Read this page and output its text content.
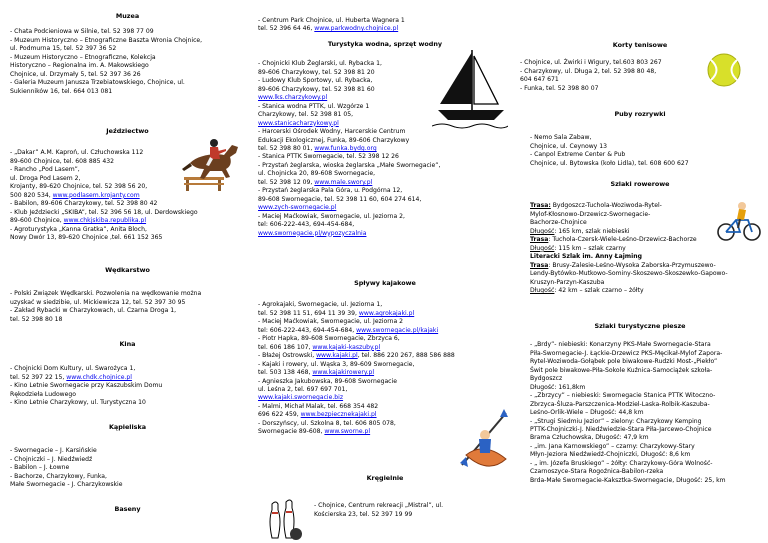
Muzea
- Chata Podcieniowa w Silnie, tel. 52 398 77 09
- Muzeum Historyczno – Etnograficzne Baszta Wronia Chojnice,
ul. Podmurna 15, tel. 52 397 36 52
- Muzeum Historyczno – Etnograficzne, Kolekcja
Historyczno – Regionalna im. A. Makowskiego
Chojnice, ul. Drzymały 5, tel. 52 397 36 26
- Galeria Muzeum Janusza Trzebiatowskiego, Chojnice, ul.
Sukienników 16, tel. 664 013 081
Jeździectwo
- „Dakar” A.M. Kaproń, ul. Człuchowska 112
89-600 Chojnice, tel. 608 885 432
- Rancho „Pod Lasem”,
ul. Droga Pod Lasem 2,
Krojanty, 89-620 Chojnice, tel. 52 398 56 20,
500 820 534, www.podlasem.krojanty.com
- Babilon, 89-606 Charzykowy, tel. 52 398 80 42
- Klub Jeździecki „SKIBA”, tel. 52 396 56 18, ul. Derdowskiego
89-600 Chojnice, www.chkjskiba.republika.pl
- Agroturystyka „Kanna Gratka”, Anita Bloch,
Nowy Dwór 13, 89-620 Chojnice ,tel. 661 152 365
Wędkarstwo
- Polski Związek Wędkarski. Pozwolenia na wędkowanie można
uzyskać w siedzibie, ul. Mickiewicza 12, tel. 52 397 30 95
- Zakład Rybacki w Charzykowach, ul. Czarna Droga 1,
tel. 52 398 80 18
Kina
- Chojnicki Dom Kultury, ul. Swarożyca 1,
tel. 52 397 22 15, www.chdk.chojnice.pl
- Kino Letnie Swornegacie przy Kaszubskim Domu
Rękodzieła Ludowego
- Kino Letnie Charzykowy, ul. Turystyczna 10
Kąpieliska
- Swornegacie – J. Karsińskie
- Chojniczki – J. Niedźwiedź
- Babilon – J. Łowne
- Bachorze, Charzykowy, Funka,
Małe Swornegacie - J. Charzykowskie
Baseny
- Centrum Park Chojnice, ul. Huberta Wagnera 1
tel. 52 396 64 46, www.parkwodny.chojnice.pl
Turystyka wodna, sprzęt wodny
- Chojnicki Klub Żeglarski, ul. Rybacka 1,
89-606 Charzykowy, tel. 52 398 81 20
- Ludowy Klub Sportowy, ul. Rybacka,
89-606 Charzykowy, tel. 52 398 81 60
www.lks.charzykowy.pl
- Stanica wodna PTTK, ul. Wzgórze 1
Charzykowy, tel. 52 398 81 05,
www.stanicacharzykowy.pl
- Harcerski Ośrodek Wodny, Harcerskie Centrum
Edukacji Ekologicznej, Funka, 89-606 Charzykowy
tel. 52 398 80 01, www.funka.bydg.org
- Stanica PTTK Swornegacie, tel. 52 398 12 26
- Przystań żeglarska, wioska żeglarska „Małe Swornegacie”,
ul. Chojnicka 20, 89-608 Swornegacie,
tel. 52 398 12 09, www.male.swory.pl
- Przystań żeglarska Pala Góra, u. Podgórna 12,
89-608 Swornegacie, tel. 52 398 11 60, 604 274 614,
www.zych-swornegacie.pl
- Maciej Maćkowiak, Swornegacie, ul. Jeziorna 2,
tel: 606-222-443, 694-454-684,
www.swornegacie.pl/wypozyczalnia
Spływy kajakowe
- Agrokajaki, Swornegacie, ul. Jeziorna 1,
tel. 52 398 11 51, 694 11 39 39, www.agrokajaki.pl
- Maciej Maćkowiak, Swornegacie, ul. Jeziorna 2
tel: 606-222-443, 694-454-684, www.swornegacie.pl/kajaki
- Piotr Hapka, 89-608 Swornegacie, Zbrzyca 6,
tel. 606 186 107, www.kajaki-kaszuby.pl
- Błażej Ostrowski, www.kajaki.pl, tel. 886 220 267, 888 586 888
- Kajaki i rowery, ul. Wąska 3, 89-609 Swornegacie,
tel. 503 138 468, www.kajakirowery.pl
- Agnieszka Jakubowska, 89-608 Swornegacie
ul. Leśna 2, tel. 697 697 701,
www.kajaki.swornegacie.biz
- Malmi, Michał Malak, tel. 668 354 482
696 622 459, www.bezpiecznekajaki.pl
- Dorszyńscy, ul. Szkolna 8, tel. 606 805 078,
Swornegacie 89-608, www.sworne.pl
Kręgielnie
- Chojnice, Centrum rekreacji „Mistral”, ul.
Kościerska 23, tel. 52 397 19 99
Korty tenisowe
- Chojnice, ul. Żwirki i Wigury, tel.603 803 267
- Charzykowy, ul. Długa 2, tel. 52 398 80 48,
604 647 671
- Funka, tel. 52 398 80 07
Puby rozrywki
- Nemo Sala Zabaw,
Chojnice, ul. Ceynowy 13
- Canpol Extreme Center & Pub
Chojnice, ul. Bytowska (koło Lidla), tel. 608 600 627
Szlaki rowerowe
Trasa: Bydgoszcz-Tuchola-Woziwoda-Rytel-
Mylof-Kłosnowo-Drzewicz-Swornegacie-
Bachorze-Chojnice
Długość: 165 km, szlak niebieski
Trasa: Tuchola-Czersk-Wiele-Leśno-Drzewicz-Bachorze
Długość: 115 km – szlak czarny
Literacki Szlak im. Anny Łajming
Trasa: Brusy-Zalesie-Leśno-Wysoka Zaborska-Przymuszewo-
Lendy-Bytówko-Mutkowo-Sominy-Skoszewo-Skoszewko-Gapowo-
Kruszyn-Parzyn-Kaszuba
Długość: 42 km – szlak czarno – żółty
Szlaki turystyczne piesze
- „Brdy”- niebieski: Konarzyny PKS-Małe Swornegacie-Stara
Piła-Swornegacie-J. Łąckie-Drzewicz PKS-Męcikał-Mylof Zapora-
Rytel-Woziwoda-Gołąbek pole biwakowe-Rudzki Most-„Piekło”
Świt pole biwakowe-Piła-Sokole Kuźnica-Samociążek szkoła-
Bydgoszcz
Długość: 161,8km
- „Zbrzycy” – niebieski: Swornegacie Stanica PTTK Witoczno-
Zbrzyca-Śluza-Parszczenica-Modziel-Laska-Rolbik-Kaszuba-
Leśno-Orlik-Wiele – Długość: 44,8 km
- „Strugi Siedmiu Jezior” – zielony: Charzykowy Kemping
PTTK-Chojniczki-J. Niedźwiedzie-Stara Piła-Jarcewo-Chojnice
Brama Człuchowska, Długość: 47,9 km
- „im. Jana Karnowskiego” – czarny: Charzykowy-Stary
Młyn-Jeziora Niedźwiedź-Chojniczki, Długość: 8,6 km
- „ im. Józefa Bruskiego” – żółty: Charzykowy-Góra Wolność-
Czarnoszyce-Stara Rogoźnica-Babilon-rzeka
Brda-Małe Swornegacie-Kaksztka-Swornegacie, Długość: 25, km
